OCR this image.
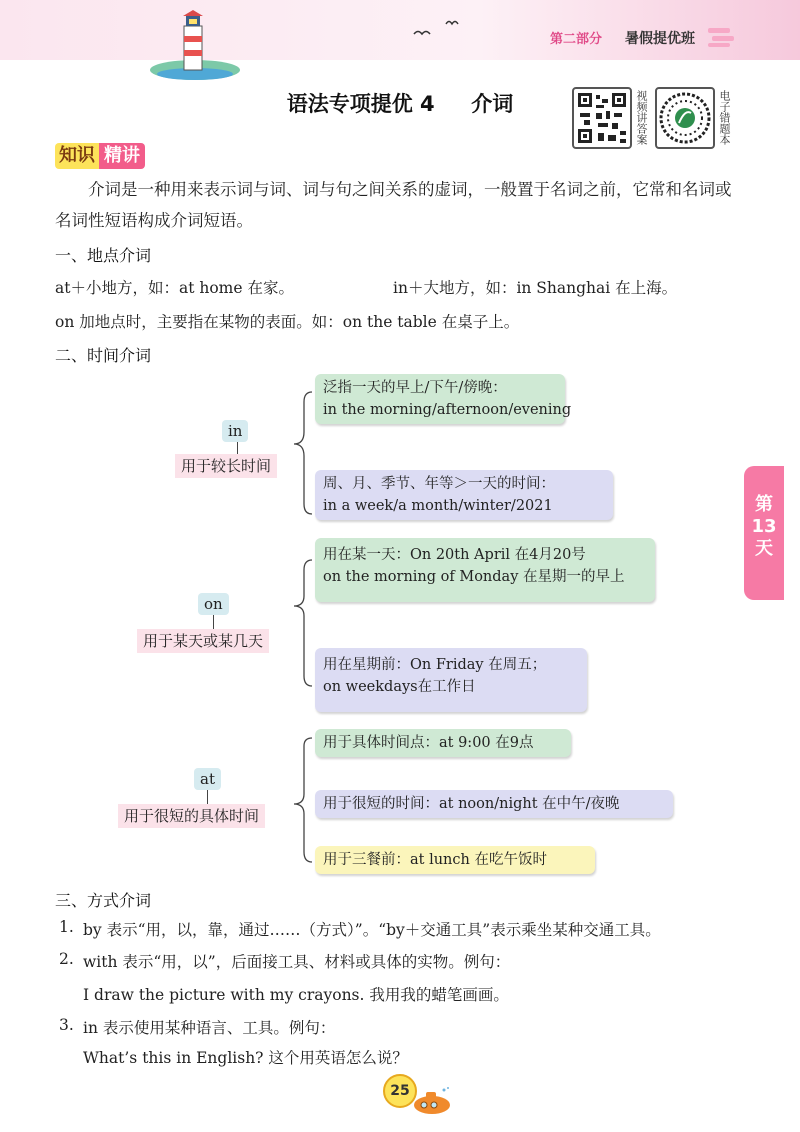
第二部分 暑假提优班
语法专项提优 4 介词	视频讲答案	电子错题本
知识 精讲
介词是一种用来表示词与词、词与句之间关系的虚词，一般置于名词之前，它常和名词或名词性短语构成介词短语。
一、地点介词
at＋小地方，如：at home 在家。	in＋大地方，如：in Shanghai 在上海。
on 加地点时，主要指在某物的表面。如：on the table 在桌子上。
二、时间介词
in
用于较长时间
泛指一天的早上/下午/傍晚：
in the morning/afternoon/evening
周、月、季节、年等＞一天的时间：
in a week/a month/winter/2021
on
用于某天或某几天
用在某一天：On 20th April 在4月20号
on the morning of Monday 在星期一的早上
用在星期前：On Friday 在周五；
on weekdays在工作日
at
用于很短的具体时间
用于具体时间点：at 9:00 在9点
用于很短的时间：at noon/night 在中午/夜晚
用于三餐前：at lunch 在吃午饭时
三、方式介词
1. by 表示“用，以，靠，通过……（方式）”。“by＋交通工具”表示乘坐某种交通工具。
2. with 表示“用，以”，后面接工具、材料或具体的实物。例句：
I draw the picture with my crayons. 我用我的蜡笔画画。
3. in 表示使用某种语言、工具。例句：
What’s this in English? 这个用英语怎么说？
第
13
天
25
